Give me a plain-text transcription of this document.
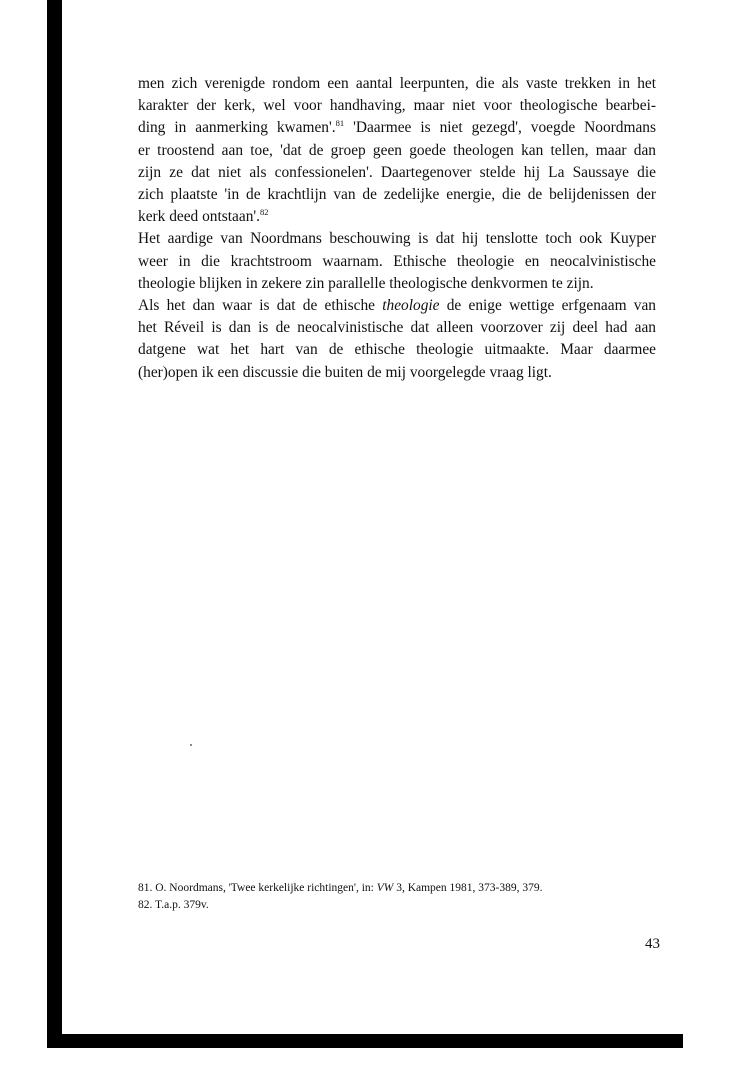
men zich verenigde rondom een aantal leerpunten, die als vaste trekken in het
karakter der kerk, wel voor handhaving, maar niet voor theologische bearbei-
ding in aanmerking kwamen'.$^{81}$ 'Daarmee is niet gezegd', voegde Noordmans
er troostend aan toe, 'dat de groep geen goede theologen kan tellen, maar dan
zijn ze dat niet als confessionelen'. Daartegenover stelde hij La Saussaye die
zich plaatste 'in de krachtlijn van de zedelijke energie, die de belijdenissen der
kerk deed ontstaan'.$^{82}$
Het aardige van Noordmans beschouwing is dat hij tenslotte toch ook Kuyper
weer in die krachtstroom waarnam. Ethische theologie en neocalvinistische
theologie blijken in zekere zin parallelle theologische denkvormen te zijn.
Als het dan waar is dat de ethische theologie de enige wettige erfgenaam van
het Réveil is dan is de neocalvinistische dat alleen voorzover zij deel had aan
datgene wat het hart van de ethische theologie uitmaakte. Maar daarmee
(her)open ik een discussie die buiten de mij voorgelegde vraag ligt.
81. O. Noordmans, 'Twee kerkelijke richtingen', in: VW 3, Kampen 1981, 373-389, 379.
82. T.a.p. 379v.
43
